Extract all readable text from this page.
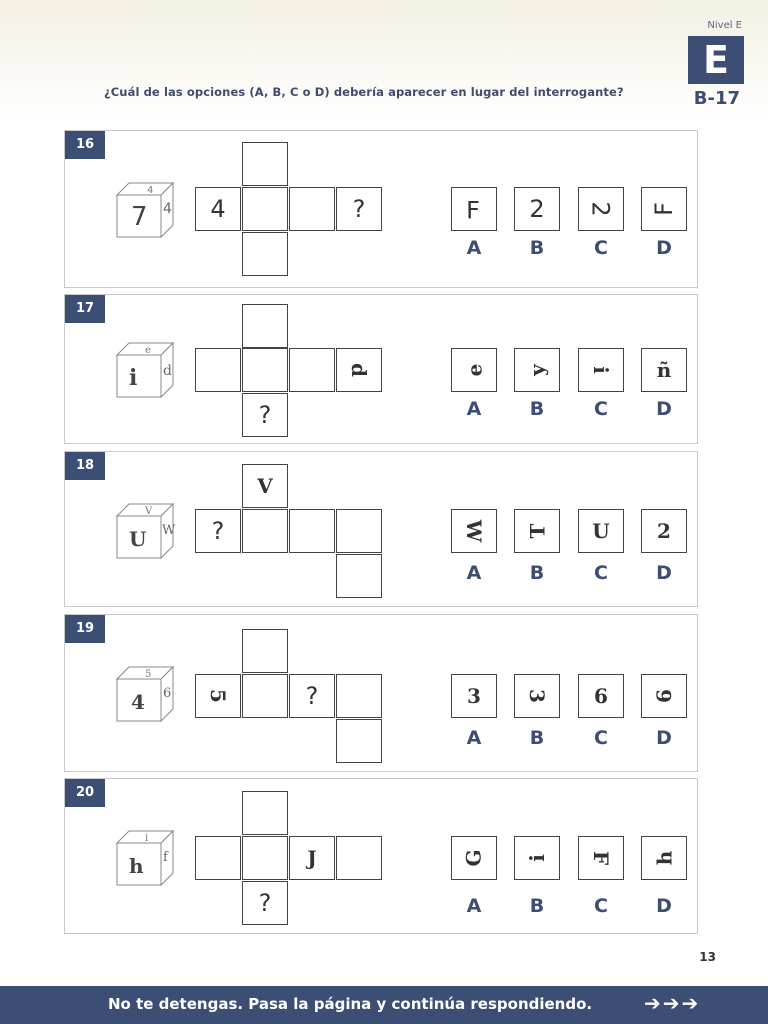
¿Cuál de las opciones (A, B, C o D) debería aparecer en lugar del interrogante?
Nivel E
E
B-17
16
7
4
4	4	?	Ⅎ 2 2 F
A	B	C	D
17
i
e
d	d
?
e y i ñ
A	B	C	D
18
U
V
W
V
?	W T U 2
A	B	C	D
19
4
5
6 5	?	3 3 6 6
A	B	C	D
20
h
i
f	J
?
G i F h
A	B	C	D
13
No te detengas. Pasa la página y continúa respondiendo.	➔➔➔
